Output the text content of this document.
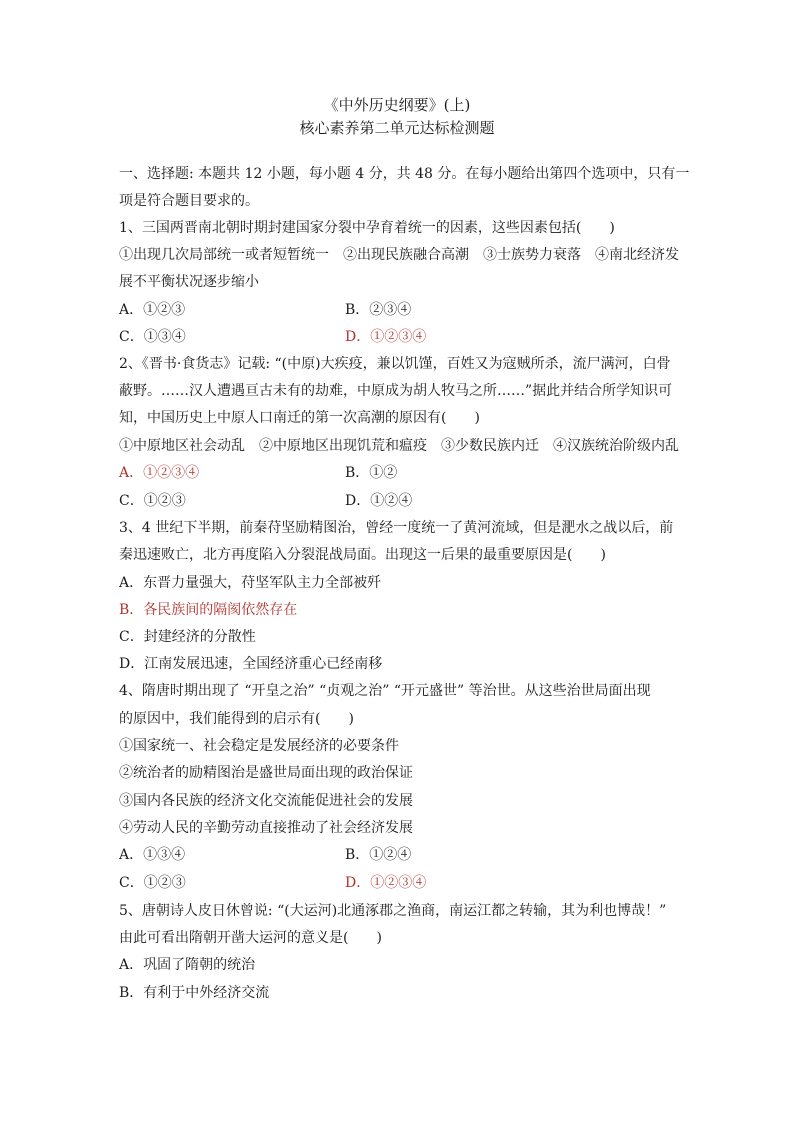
《中外历史纲要》(上)
核心素养第二单元达标检测题
一、选择题: 本题共 12 小题，每小题 4 分，共 48 分。在每小题给出第四个选项中，只有一
项是符合题目要求的。
1、三国两晋南北朝时期封建国家分裂中孕育着统一的因素，这些因素包括(　　)
①出现几次局部统一或者短暂统一　②出现民族融合高潮　③士族势力衰落　④南北经济发
展不平衡状况逐步缩小
A．①②③	B．②③④
C．①③④	D．①②③④
2、《晋书·食货志》记载: “(中原)大疾疫，兼以饥馑，百姓又为寇贼所杀，流尸满河，白骨
蔽野。……汉人遭遇亘古未有的劫难，中原成为胡人牧马之所……”据此并结合所学知识可
知，中国历史上中原人口南迁的第一次高潮的原因有(　　)
①中原地区社会动乱　②中原地区出现饥荒和瘟疫　③少数民族内迁　④汉族统治阶级内乱
A．①②③④	B．①②
C．①②③	D．①②④
3、4 世纪下半期，前秦苻坚励精图治，曾经一度统一了黄河流域，但是淝水之战以后，前
秦迅速败亡，北方再度陷入分裂混战局面。出现这一后果的最重要原因是(　　)
A．东晋力量强大，苻坚军队主力全部被歼
B．各民族间的隔阂依然存在
C．封建经济的分散性
D．江南发展迅速，全国经济重心已经南移
4、隋唐时期出现了 “开皇之治” “贞观之治” “开元盛世” 等治世。从这些治世局面出现
的原因中，我们能得到的启示有(　　)
①国家统一、社会稳定是发展经济的必要条件
②统治者的励精图治是盛世局面出现的政治保证
③国内各民族的经济文化交流能促进社会的发展
④劳动人民的辛勤劳动直接推动了社会经济发展
A．①③④	B．①②④
C．①②③	D．①②③④
5、唐朝诗人皮日休曾说: “(大运河)北通涿郡之渔商，南运江都之转输，其为利也博哉！”
由此可看出隋朝开凿大运河的意义是(　　)
A．巩固了隋朝的统治
B．有利于中外经济交流
